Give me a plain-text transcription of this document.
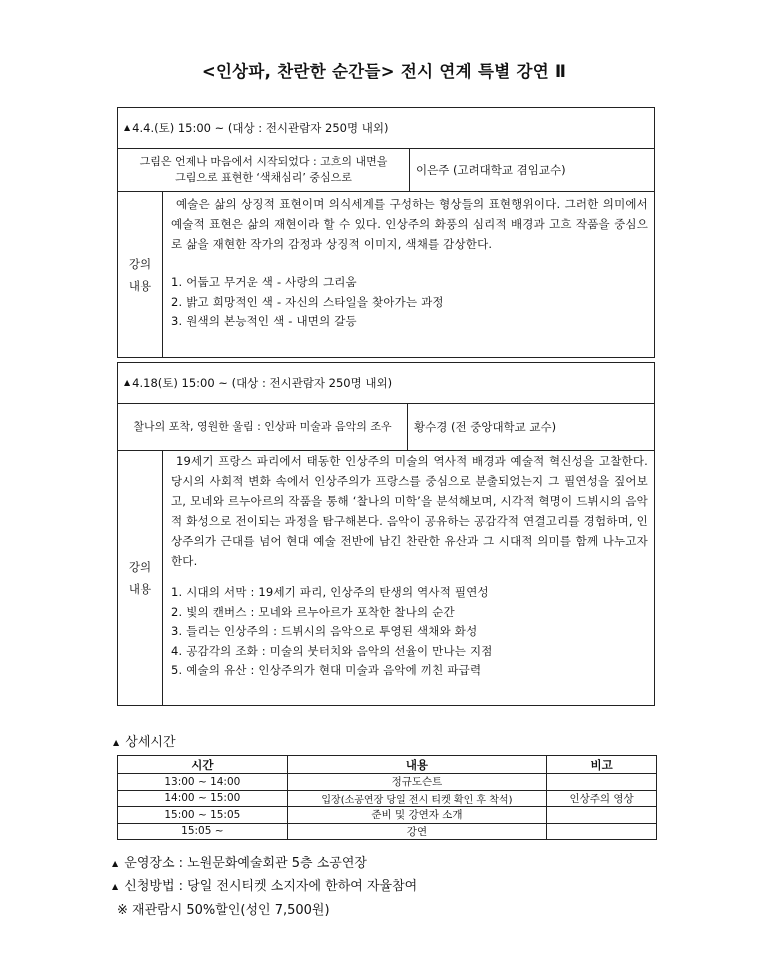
<인상파, 찬란한 순간들> 전시 연계 특별 강연 Ⅱ
▲ 4.4.(토) 15:00 ~ (대상 : 전시관람자 250명 내외)
그림은 언제나 마음에서 시작되었다 : 고흐의 내면을
그림으로 표현한 ‘색채심리’ 중심으로
이은주 (고려대학교 겸임교수)
강의
내용

예술은 삶의 상징적 표현이며 의식세계를 구성하는 형상들의 표현행위이다. 그러한 의미에서 예술적 표현은 삶의 재현이라 할 수 있다. 인상주의 화풍의 심리적 배경과 고흐 작품을 중심으로 삶을 재현한 작가의 감정과 상징적 이미지, 색채를 감상한다.

1. 어둡고 무거운 색 - 사랑의 그리움
2. 밝고 희망적인 색 - 자신의 스타일을 찾아가는 과정
3. 원색의 본능적인 색 - 내면의 갈등
▲ 4.18(토) 15:00 ~ (대상 : 전시관람자 250명 내외)
찰나의 포착, 영원한 울림 : 인상파 미술과 음악의 조우	황수경 (전 중앙대학교 교수)
강의
내용

19세기 프랑스 파리에서 태동한 인상주의 미술의 역사적 배경과 예술적 혁신성을 고찰한다. 당시의 사회적 변화 속에서 인상주의가 프랑스를 중심으로 분출되었는지 그 필연성을 짚어보고, 모네와 르누아르의 작품을 통해 ‘찰나의 미학’을 분석해보며, 시각적 혁명이 드뷔시의 음악적 화성으로 전이되는 과정을 탐구해본다. 음악이 공유하는 공감각적 연결고리를 경험하며, 인상주의가 근대를 넘어 현대 예술 전반에 남긴 찬란한 유산과 그 시대적 의미를 함께 나누고자 한다.

1. 시대의 서막 : 19세기 파리, 인상주의 탄생의 역사적 필연성
2. 빛의 캔버스 : 모네와 르누아르가 포착한 찰나의 순간
3. 들리는 인상주의 : 드뷔시의 음악으로 투영된 색채와 화성
4. 공감각의 조화 : 미술의 붓터치와 음악의 선율이 만나는 지점
5. 예술의 유산 : 인상주의가 현대 미술과 음악에 끼친 파급력
▲ 상세시간
시간	내용	비고
13:00 ~ 14:00	정규도슨트	
14:00 ~ 15:00	입장(소공연장 당일 전시 티켓 확인 후 착석)	인상주의 영상
15:00 ~ 15:05	준비 및 강연자 소개	
15:05 ~	강연	
▲ 운영장소 : 노원문화예술회관 5층 소공연장
▲ 신청방법 : 당일 전시티켓 소지자에 한하여 자율참여
※ 재관람시 50%할인(성인 7,500원)
